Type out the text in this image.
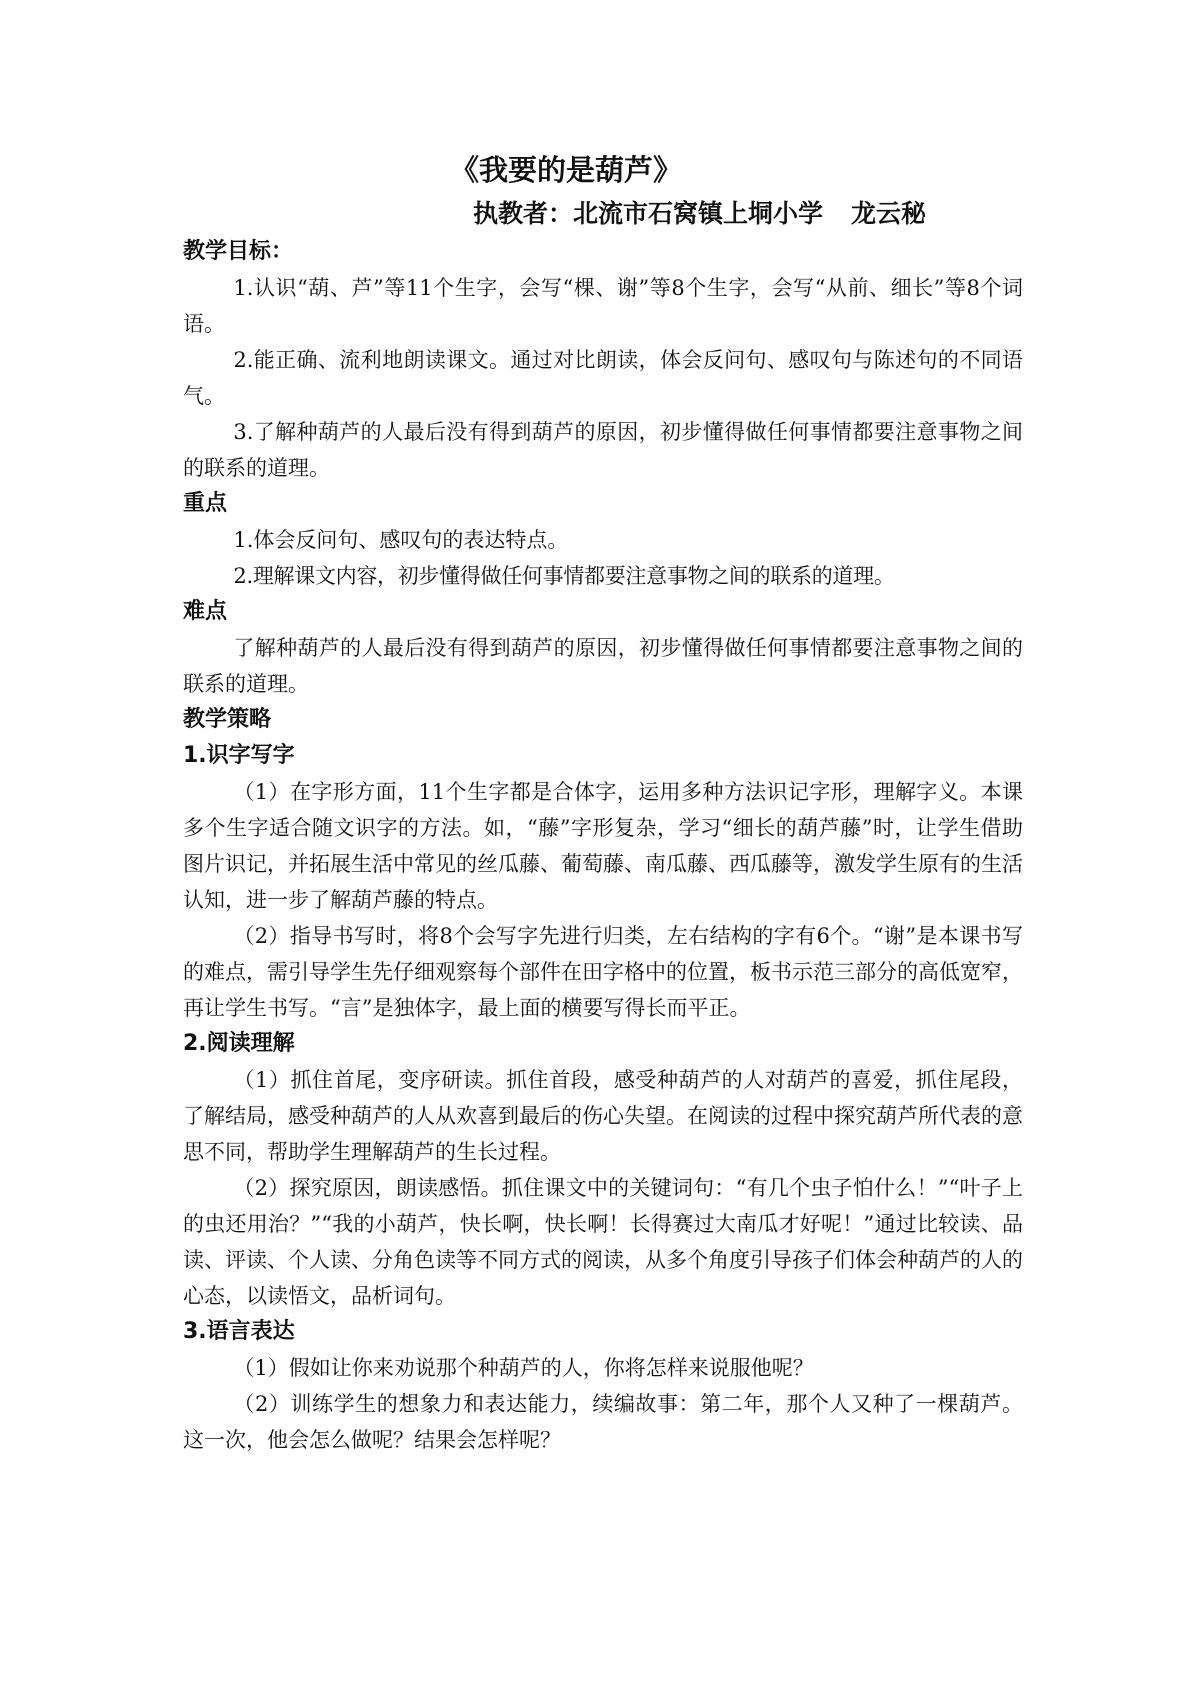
《我要的是葫芦》
执教者：北流市石窝镇上垌小学 龙云秘
教学目标：

1.认识“葫、芦”等11个生字，会写“棵、谢”等8个生字，会写“从前、细长”等8个词语。

2.能正确、流利地朗读课文。通过对比朗读，体会反问句、感叹句与陈述句的不同语气。

3.了解种葫芦的人最后没有得到葫芦的原因，初步懂得做任何事情都要注意事物之间的联系的道理。

重点

1.体会反问句、感叹句的表达特点。

2.理解课文内容，初步懂得做任何事情都要注意事物之间的联系的道理。

难点

了解种葫芦的人最后没有得到葫芦的原因，初步懂得做任何事情都要注意事物之间的联系的道理。

教学策略
1.识字写字

（1）在字形方面，11个生字都是合体字，运用多种方法识记字形，理解字义。本课多个生字适合随文识字的方法。如，“藤”字形复杂，学习“细长的葫芦藤”时，让学生借助图片识记，并拓展生活中常见的丝瓜藤、葡萄藤、南瓜藤、西瓜藤等，激发学生原有的生活认知，进一步了解葫芦藤的特点。

（2）指导书写时，将8个会写字先进行归类，左右结构的字有6个。“谢”是本课书写的难点，需引导学生先仔细观察每个部件在田字格中的位置，板书示范三部分的高低宽窄，再让学生书写。“言”是独体字，最上面的横要写得长而平正。

2.阅读理解

（1）抓住首尾，变序研读。抓住首段，感受种葫芦的人对葫芦的喜爱，抓住尾段，了解结局，感受种葫芦的人从欢喜到最后的伤心失望。在阅读的过程中探究葫芦所代表的意思不同，帮助学生理解葫芦的生长过程。

（2）探究原因，朗读感悟。抓住课文中的关键词句：“有几个虫子怕什么！”“叶子上的虫还用治？”“我的小葫芦，快长啊，快长啊！长得赛过大南瓜才好呢！”通过比较读、品读、评读、个人读、分角色读等不同方式的阅读，从多个角度引导孩子们体会种葫芦的人的心态，以读悟文，品析词句。

3.语言表达

（1）假如让你来劝说那个种葫芦的人，你将怎样来说服他呢？

（2）训练学生的想象力和表达能力，续编故事：第二年，那个人又种了一棵葫芦。这一次，他会怎么做呢？结果会怎样呢？
